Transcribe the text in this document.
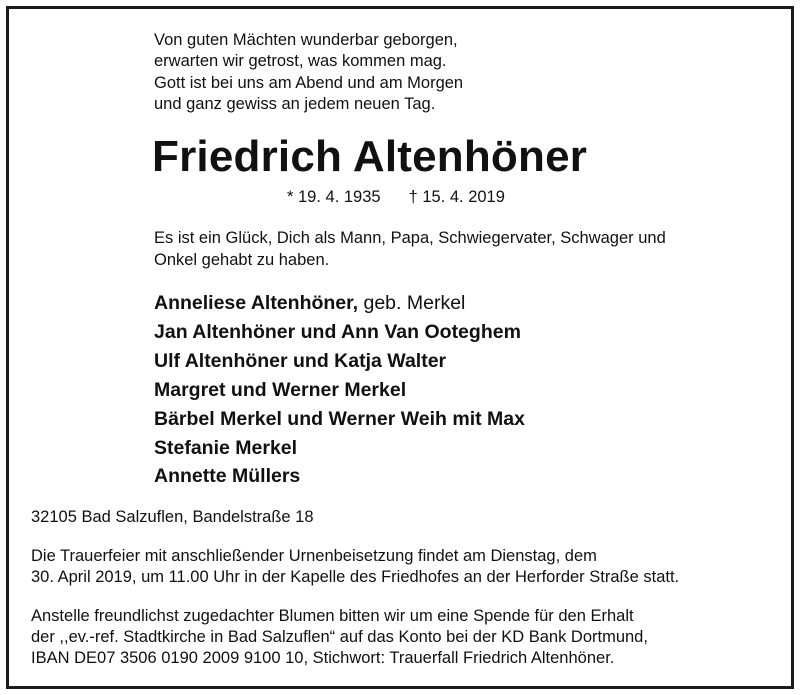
Von guten Mächten wunderbar geborgen,
erwarten wir getrost, was kommen mag.
Gott ist bei uns am Abend und am Morgen
und ganz gewiss an jedem neuen Tag.
Friedrich Altenhöner
* 19. 4. 1935 † 15. 4. 2019
Es ist ein Glück, Dich als Mann, Papa, Schwiegervater, Schwager und
Onkel gehabt zu haben.
Anneliese Altenhöner, geb. Merkel
Jan Altenhöner und Ann Van Ooteghem
Ulf Altenhöner und Katja Walter
Margret und Werner Merkel
Bärbel Merkel und Werner Weih mit Max
Stefanie Merkel
Annette Müllers
32105 Bad Salzuflen, Bandelstraße 18
Die Trauerfeier mit anschließender Urnenbeisetzung findet am Dienstag, dem
30. April 2019, um 11.00 Uhr in der Kapelle des Friedhofes an der Herforder Straße statt.
Anstelle freundlichst zugedachter Blumen bitten wir um eine Spende für den Erhalt
der ,,ev.-ref. Stadtkirche in Bad Salzuflen“ auf das Konto bei der KD Bank Dortmund,
IBAN DE07 3506 0190 2009 9100 10, Stichwort: Trauerfall Friedrich Altenhöner.
